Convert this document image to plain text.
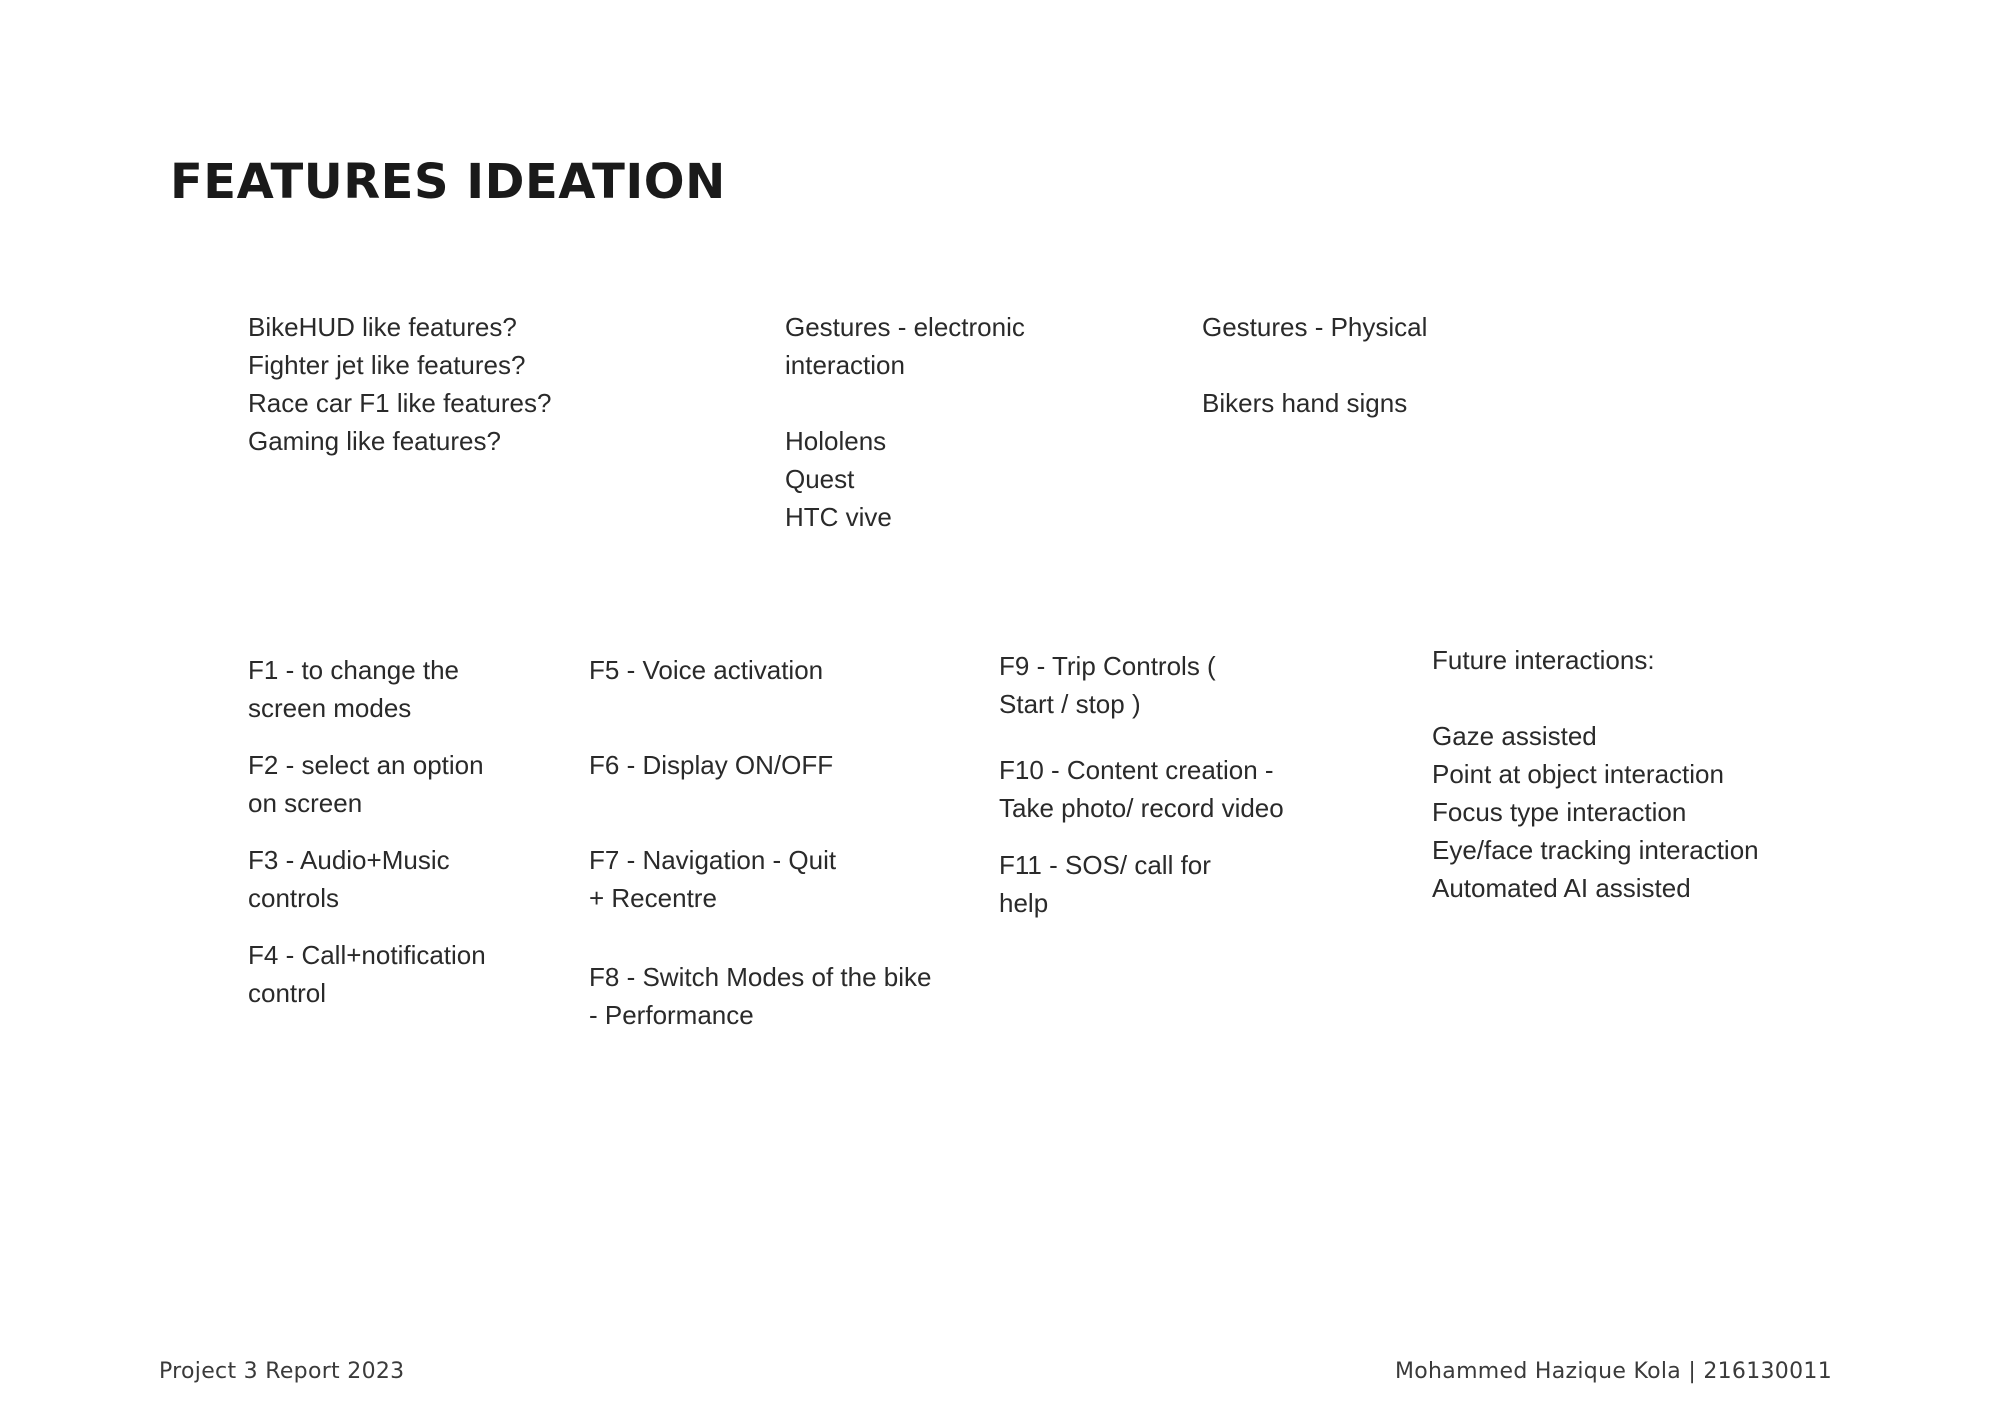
FEATURES IDEATION
BikeHUD like features?
Fighter jet like features?
Race car F1 like features?
Gaming like features?
Gestures - electronic
interaction
Hololens
Quest
HTC vive
Gestures - Physical
Bikers hand signs
F1 - to change the
screen modes
F2 - select an option
on screen
F3 - Audio+Music
controls
F4 - Call+notification
control
F5 - Voice activation
F6 - Display ON/OFF
F7 - Navigation - Quit
+ Recentre
F8 - Switch Modes of the bike
- Performance
F9 - Trip Controls (
Start / stop )
F10 - Content creation -
Take photo/ record video
F11 - SOS/ call for
help
Future interactions:
Gaze assisted
Point at object interaction
Focus type interaction
Eye/face tracking interaction
Automated AI assisted
Project 3 Report 2023	Mohammed Hazique Kola | 216130011
